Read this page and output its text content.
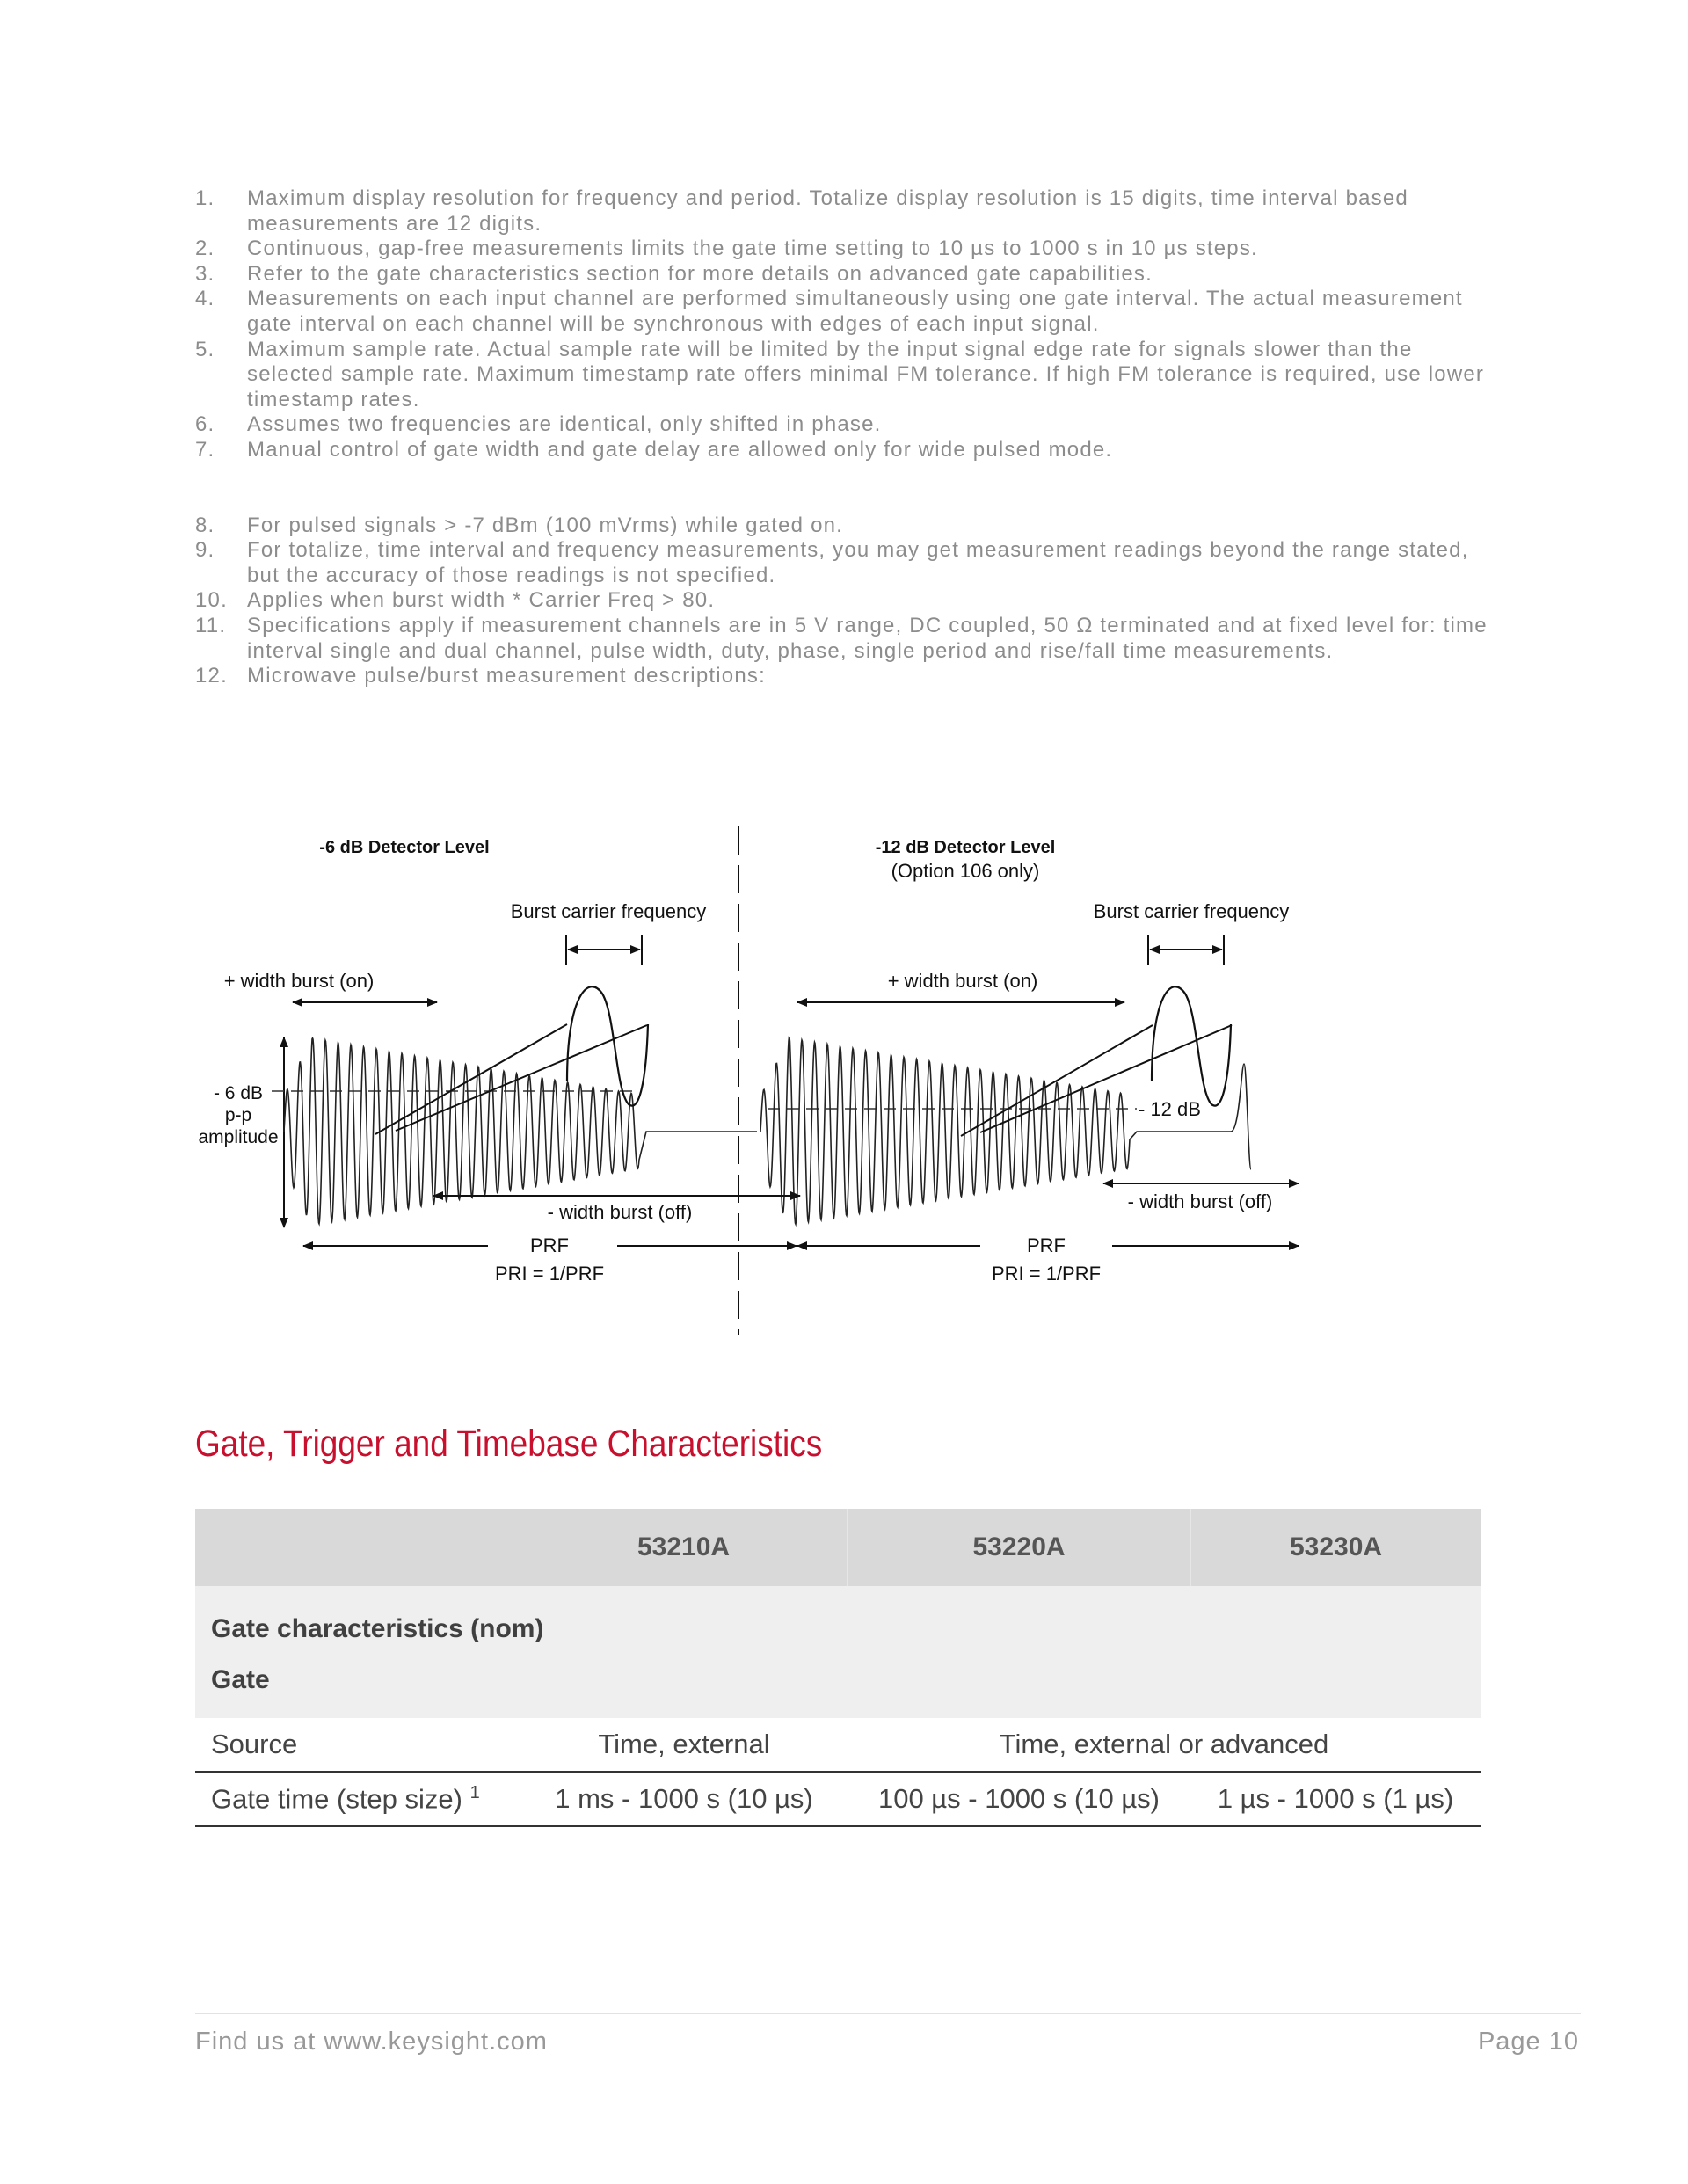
1. Maximum display resolution for frequency and period. Totalize display resolution is 15 digits, time interval based measurements are 12 digits.
2. Continuous, gap-free measurements limits the gate time setting to 10 µs to 1000 s in 10 µs steps.
3. Refer to the gate characteristics section for more details on advanced gate capabilities.
4. Measurements on each input channel are performed simultaneously using one gate interval. The actual measurement gate interval on each channel will be synchronous with edges of each input signal.
5. Maximum sample rate. Actual sample rate will be limited by the input signal edge rate for signals slower than the selected sample rate. Maximum timestamp rate offers minimal FM tolerance. If high FM tolerance is required, use lower timestamp rates.
6. Assumes two frequencies are identical, only shifted in phase.
7. Manual control of gate width and gate delay are allowed only for wide pulsed mode.
8. For pulsed signals > -7 dBm (100 mVrms) while gated on.
9. For totalize, time interval and frequency measurements, you may get measurement readings beyond the range stated, but the accuracy of those readings is not specified.
10. Applies when burst width * Carrier Freq > 80.
11. Specifications apply if measurement channels are in 5 V range, DC coupled, 50 Ω terminated and at fixed level for: time interval single and dual channel, pulse width, duty, phase, single period and rise/fall time measurements.
12. Microwave pulse/burst measurement descriptions:
-6 dB Detector Level	-12 dB Detector Level
(Option 106 only)
Burst carrier frequency	Burst carrier frequency
+ width burst (on)	+ width burst (on)
- 6 dB
p-p
amplitude
- 12 dB
- width burst (off)	- width burst (off)
PRF
PRI = 1/PRF
PRF
PRI = 1/PRF
Gate, Trigger and Timebase Characteristics
	53210A	53220A	53230A
Gate characteristics (nom)			
Gate			
Source	Time, external	Time, external or advanced	
Gate time (step size) $^1$	1 ms - 1000 s (10 µs)	100 µs - 1000 s (10 µs)	1 µs - 1000 s (1 µs)
Find us at www.keysight.com	Page 10
